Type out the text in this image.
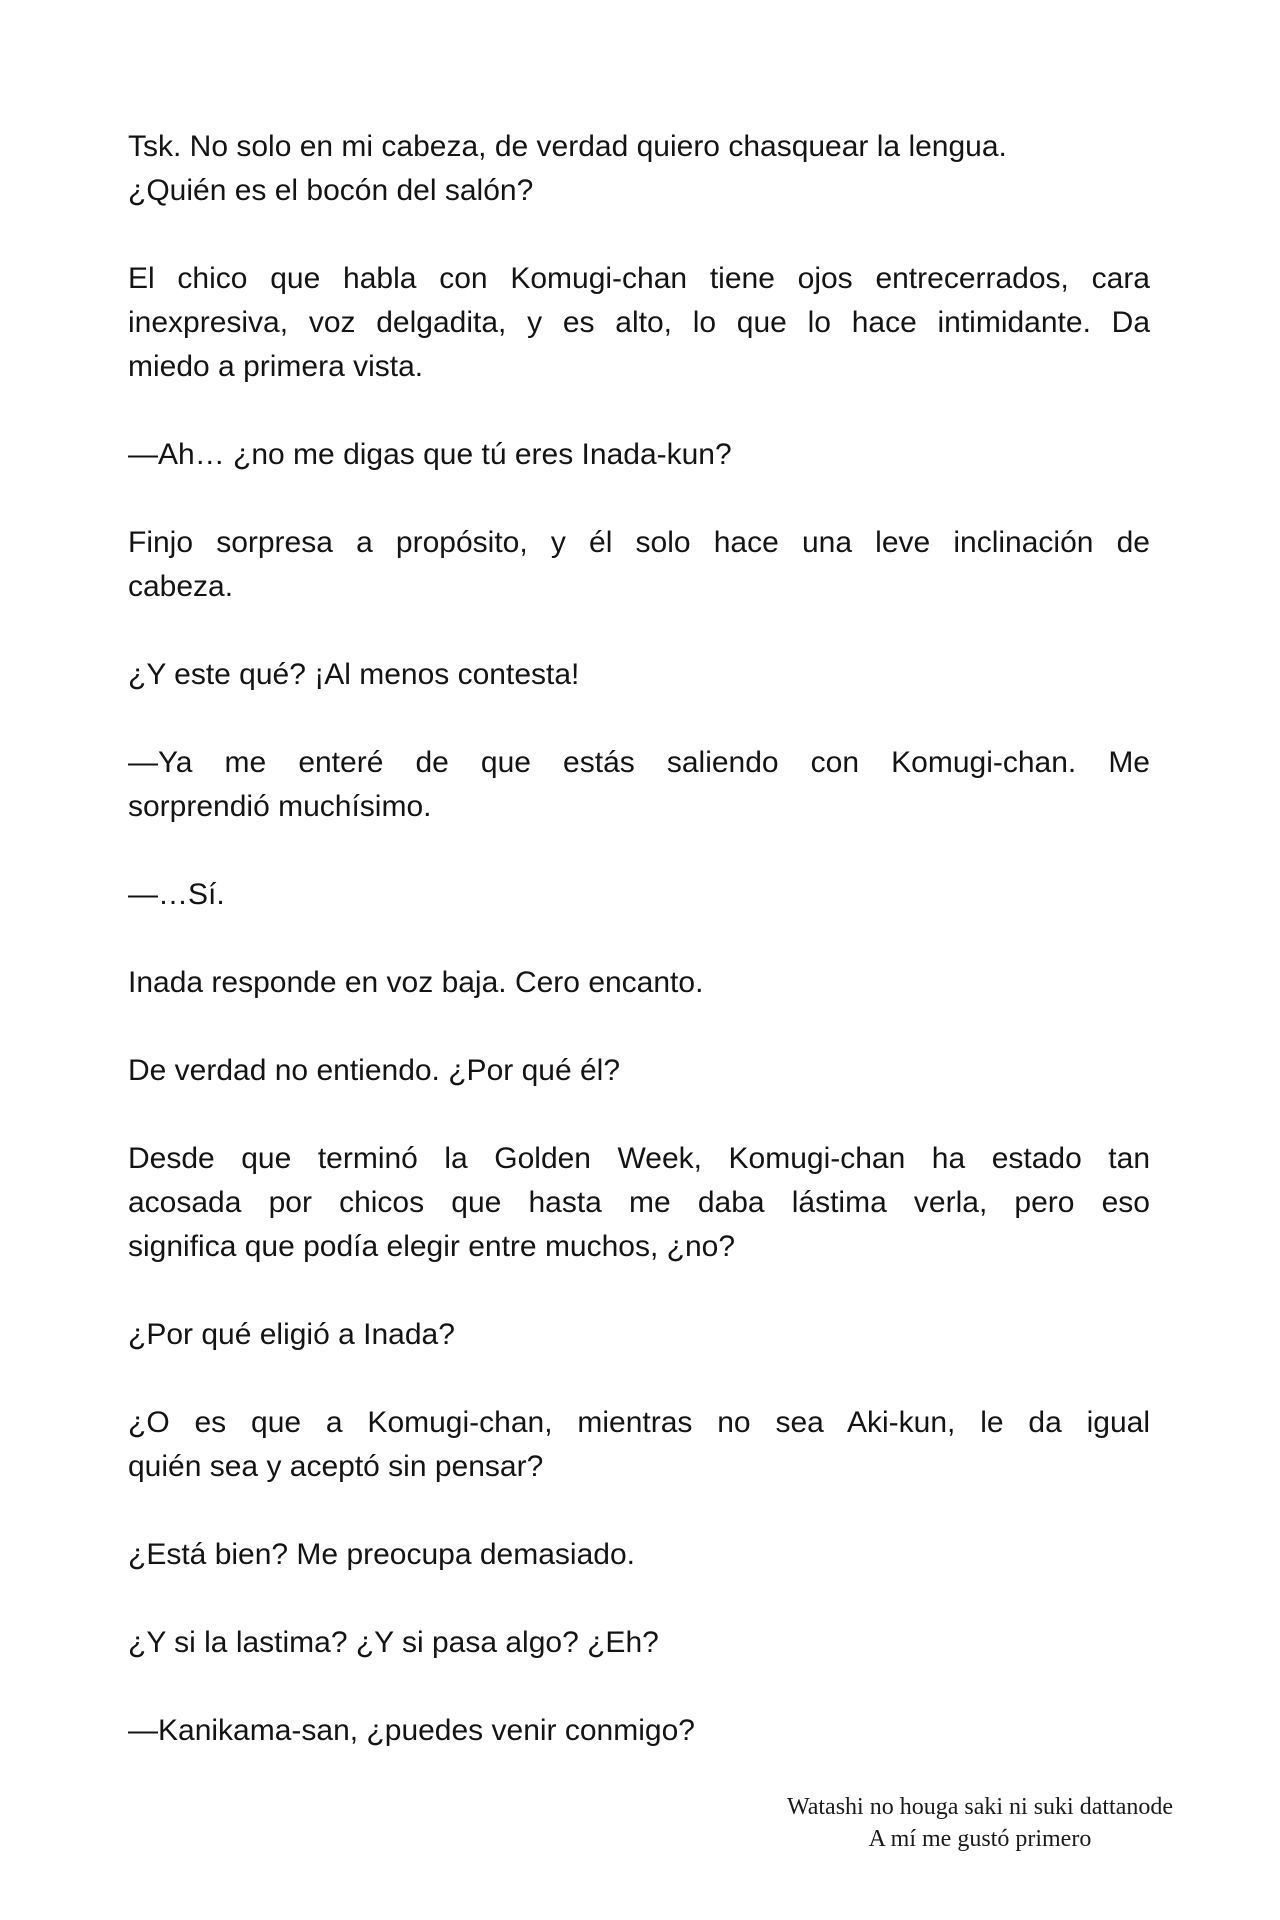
Tsk. No solo en mi cabeza, de verdad quiero chasquear la lengua.
¿Quién es el bocón del salón?

El chico que habla con Komugi-chan tiene ojos entrecerrados, cara
inexpresiva, voz delgadita, y es alto, lo que lo hace intimidante. Da
miedo a primera vista.

—Ah… ¿no me digas que tú eres Inada-kun?

Finjo sorpresa a propósito, y él solo hace una leve inclinación de
cabeza.

¿Y este qué? ¡Al menos contesta!

—Ya me enteré de que estás saliendo con Komugi-chan. Me
sorprendió muchísimo.

—…Sí.

Inada responde en voz baja. Cero encanto.

De verdad no entiendo. ¿Por qué él?

Desde que terminó la Golden Week, Komugi-chan ha estado tan
acosada por chicos que hasta me daba lástima verla, pero eso
significa que podía elegir entre muchos, ¿no?

¿Por qué eligió a Inada?

¿O es que a Komugi-chan, mientras no sea Aki-kun, le da igual
quién sea y aceptó sin pensar?

¿Está bien? Me preocupa demasiado.

¿Y si la lastima? ¿Y si pasa algo? ¿Eh?

—Kanikama-san, ¿puedes venir conmigo?

Watashi no houga saki ni suki dattanode
A mí me gustó primero
